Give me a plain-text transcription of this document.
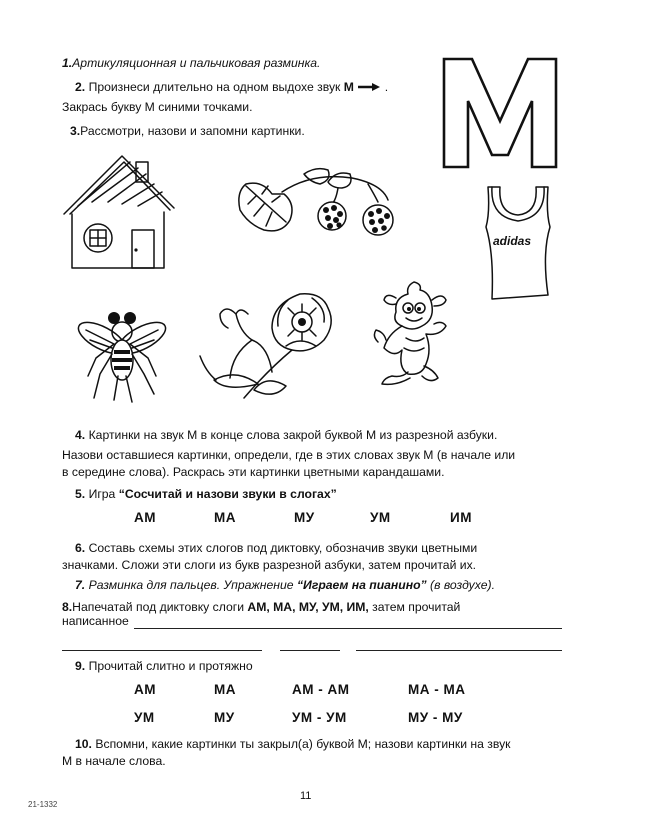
1.Артикуляционная и пальчиковая разминка.
2. Произнеси длительно на одном выдохе звук М	.
Закрась букву М синими точками.
3.Рассмотри, назови и запомни картинки.
adidas
4. Картинки на звук М в конце слова закрой буквой М из разрезной азбуки.
Назови оставшиеся картинки, определи, где в этих словах звук М (в начале или
в середине слова). Раскрась эти картинки цветными карандашами.
5. Игра “Сосчитай и назови звуки в слогах”
АМ	МА	МУ	УМ	ИМ
6. Составь схемы этих слогов под диктовку, обозначив звуки цветными
значками. Сложи эти слоги из букв разрезной азбуки, затем прочитай их.
7. Разминка для пальцев. Упражнение “Играем на пианино” (в воздухе).
8.Напечатай под диктовку слоги АМ, МА, МУ, УМ, ИМ, затем прочитай
написанное
9. Прочитай слитно и протяжно
АМ	МА	АМ - АМ	МА - МА
УМ	МУ	УМ - УМ	МУ - МУ
10. Вспомни, какие картинки ты закрыл(а) буквой М; назови картинки на звук
М в начале слова.
21-1332
11
